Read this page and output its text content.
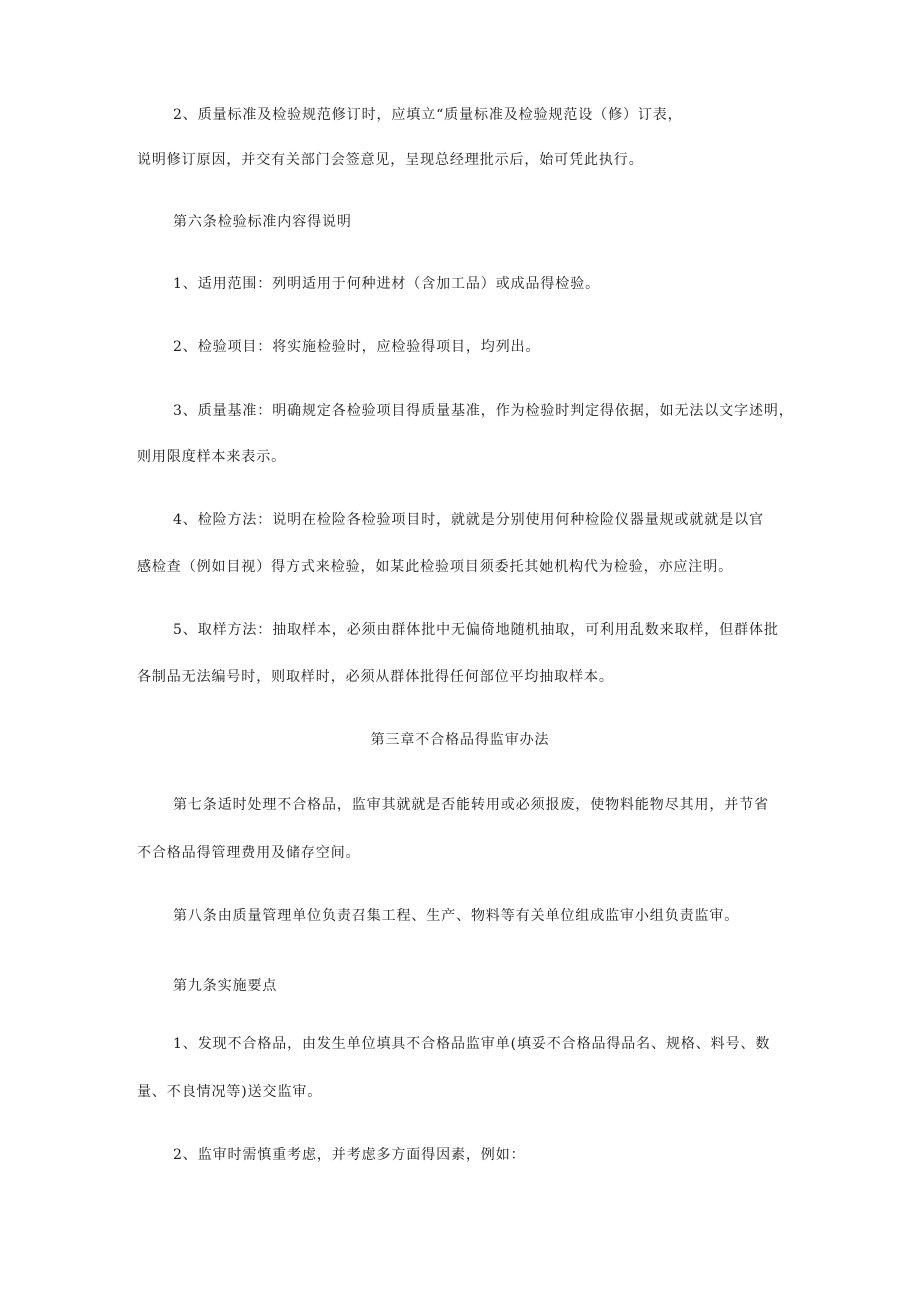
2、质量标准及检验规范修订时，应填立“质量标准及检验规范设（修）订表，
说明修订原因，并交有关部门会签意见，呈现总经理批示后，始可凭此执行。
第六条检验标准内容得说明
1、适用范围：列明适用于何种进材（含加工品）或成品得检验。
2、检验项目：将实施检验时，应检验得项目，均列出。
3、质量基准：明确规定各检验项目得质量基准，作为检验时判定得依据，如无法以文字述明，
则用限度样本来表示。
4、检险方法：说明在检险各检验项目时，就就是分别使用何种检险仪器量规或就就是以官
感检查（例如目视）得方式来检验，如某此检验项目须委托其她机构代为检验，亦应注明。
5、取样方法：抽取样本，必须由群体批中无偏倚地随机抽取，可利用乱数来取样，但群体批
各制品无法编号时，则取样时，必须从群体批得任何部位平均抽取样本。
第三章不合格品得监审办法
第七条适时处理不合格品，监审其就就是否能转用或必须报废，使物料能物尽其用，并节省
不合格品得管理费用及储存空间。
第八条由质量管理单位负责召集工程、生产、物料等有关单位组成监审小组负责监审。
第九条实施要点
1、发现不合格品，由发生单位填具不合格品监审单(填妥不合格品得品名、规格、料号、数
量、不良情况等)送交监审。
2、监审时需慎重考虑，并考虑多方面得因素，例如：
